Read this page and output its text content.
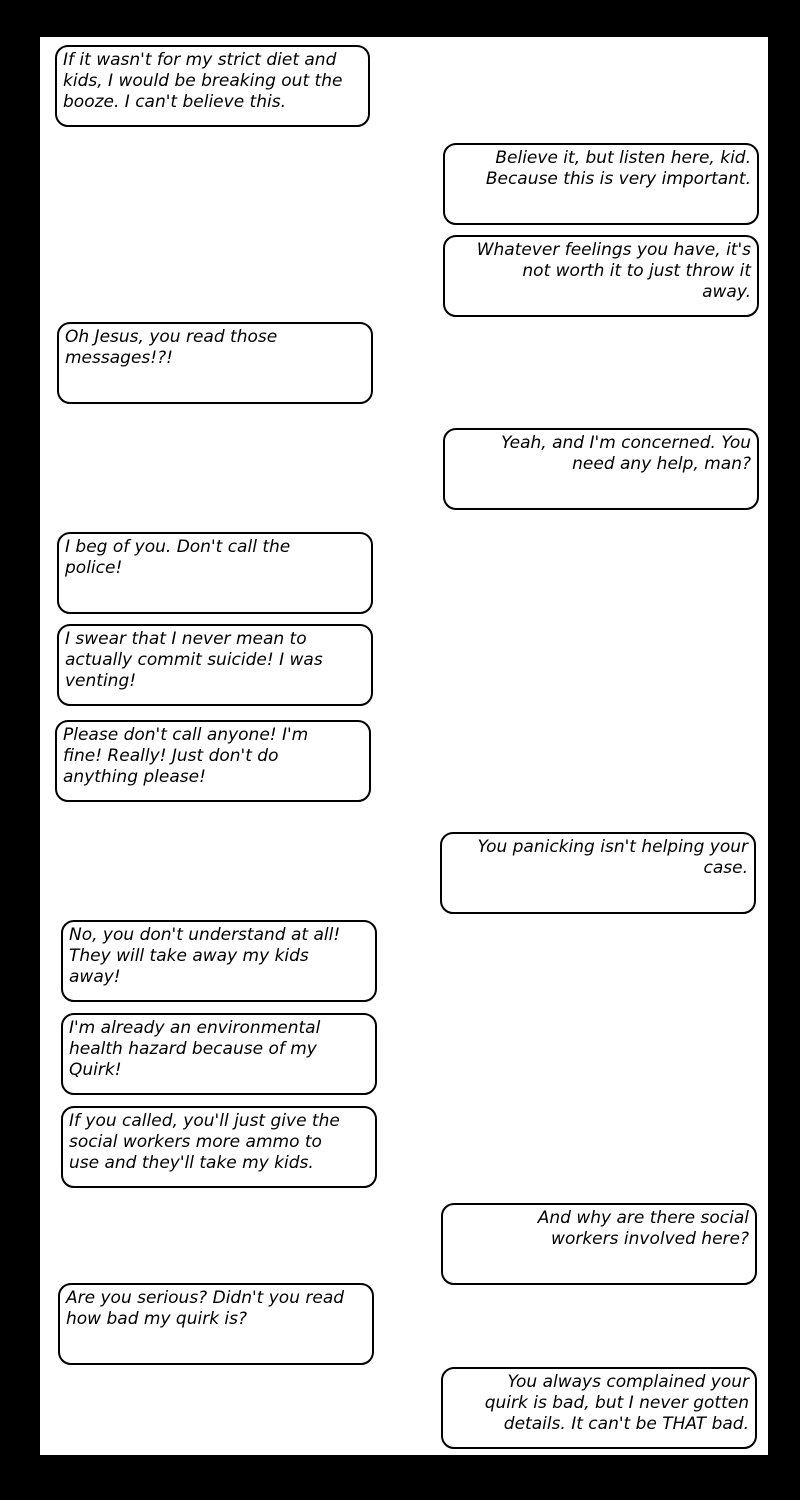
If it wasn't for my strict diet and
kids, I would be breaking out the
booze. I can't believe this.
Believe it, but listen here, kid.
Because this is very important.
Whatever feelings you have, it's
not worth it to just throw it
away.
Oh Jesus, you read those
messages!?!
Yeah, and I'm concerned. You
need any help, man?
I beg of you. Don't call the
police!
I swear that I never mean to
actually commit suicide! I was
venting!
Please don't call anyone! I'm
fine! Really! Just don't do
anything please!
You panicking isn't helping your
case.
No, you don't understand at all!
They will take away my kids
away!
I'm already an environmental
health hazard because of my
Quirk!
If you called, you'll just give the
social workers more ammo to
use and they'll take my kids.
And why are there social
workers involved here?
Are you serious? Didn't you read
how bad my quirk is?
You always complained your
quirk is bad, but I never gotten
details. It can't be THAT bad.
